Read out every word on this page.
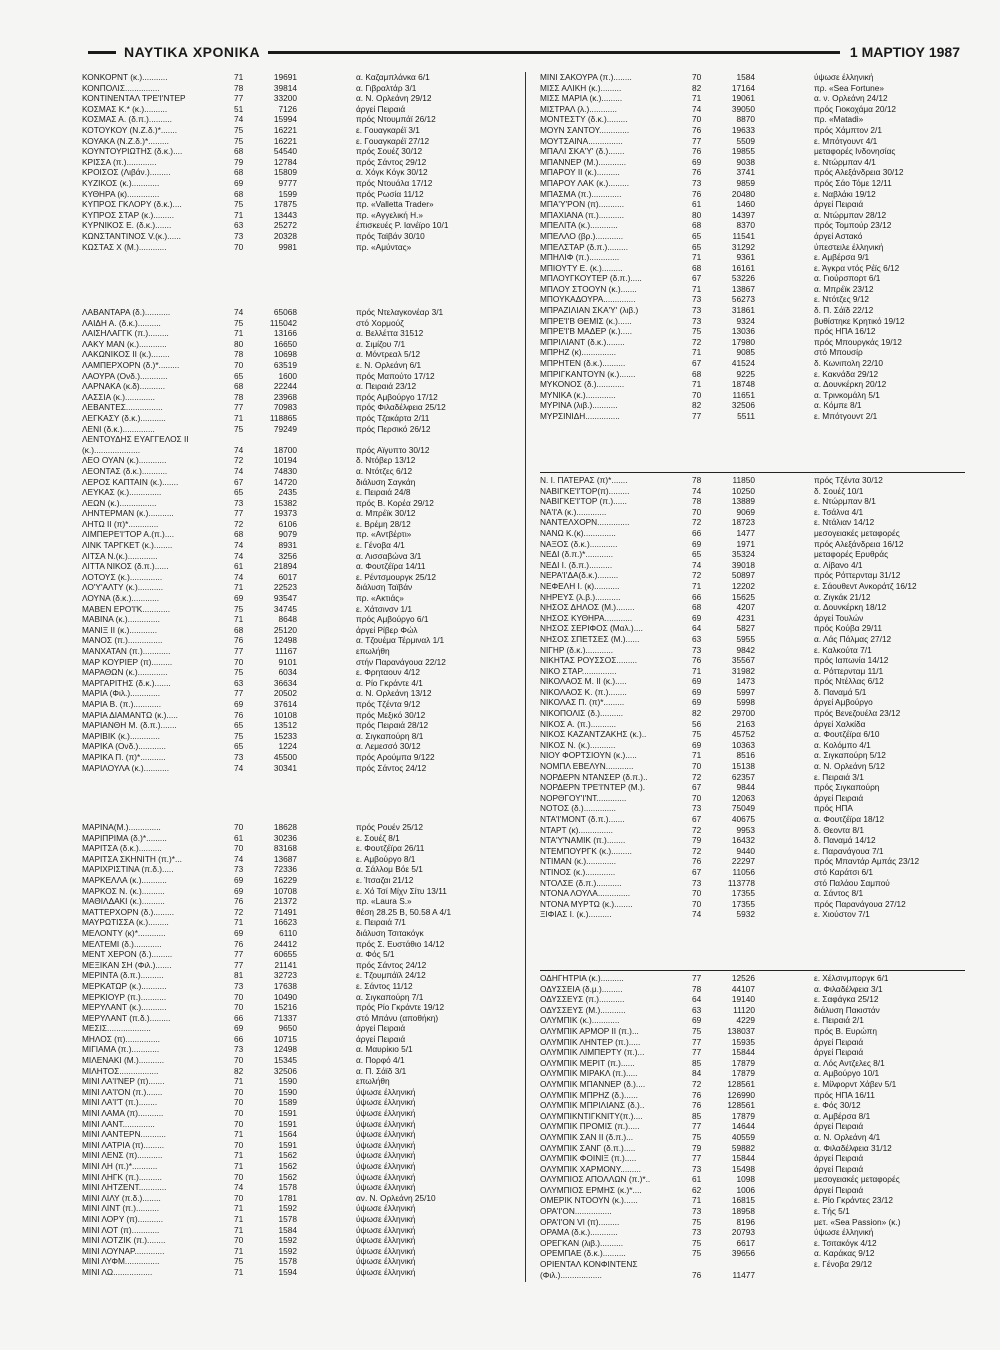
ΝΑΥΤΙΚΑ ΧΡΟΝΙΚΑ	1 ΜΑΡΤΙΟΥ 1987
ΚΟΝΚΟΡΝΤ (κ.)...........	71	19691	α. Καζαμπλάνκα 6/1
ΚΟΝΠΟΛΙΣ...............	78	39814	α. Γιβραλτάρ 3/1
ΚΟΝΤΙΝΕΝΤΑΛ ΤΡΕ'Ι'ΝΤΕΡ	77	33200	α. Ν. Ορλεάνη 29/12
ΚΟΣΜΑΣ Κ.* (κ.)..........	51	7126	άργεί Πειραιά
ΚΟΣΜΑΣ Α. (δ.π.)..........	74	15994	πρός Ντουμπάϊ 26/12
ΚΟΤΟΥΚΟΥ (Ν.Ζ.δ.)*.......	75	16221	ε. Γουαγκαρέϊ 3/1
ΚΟΥΑΚΑ (Ν.Ζ.δ.)*.........	75	16221	ε. Γουαγκαρέϊ 27/12
ΚΟΥΝΤΟΥΡΙΩΤΗΣ (δ.κ.)....	68	54540	πρός Σουέζ 30/12
ΚΡΙΣΣΑ (π.).............	79	12784	πρός Σάντος 29/12
ΚΡΟΙΣΟΣ (Λιβάν.).........	68	15809	α. Χόγκ Κόγκ 30/12
ΚΥΖΙΚΟΣ (κ.)............	69	9777	πρός Ντουάλα 17/12
ΚΥΘΗΡΑ (κ)..............	68	1599	πρός Ρωσία 11/12
ΚΥΠΡΟΣ ΓΚΛΟΡΥ (δ.κ.)....	75	17875	πρ. «Valletta Trader»
ΚΥΠΡΟΣ ΣΤΑΡ (κ.).........	71	13443	πρ. «Αγγελική Η.»
ΚΥΡΝΙΚΟΣ Ε. (δ.κ.).......	63	25272	έπισκευές Ρ. Ιανέϊρο 10/1
ΚΩΝΣΤΑΝΤΙΝΟΣ V.(κ.)......	73	20328	πρός Ταϊβάν 30/10
ΚΩΣΤΑΣ Χ (Μ.)............	70	9981	πρ. «Αμύντας»
ΛΑΒΑΝΤΑΡΑ (δ.)...........	74	65068	πρός Ντελαγκονέαρ 3/1
ΛΑΙΔΗ Α. (δ.κ.)..........	75	115042	στό Χορμούζ
ΛΑΙΣΗΛΑΓΓΚ (π.).........	71	13166	α. Βελλέττα 31512
ΛΑΚΥ ΜΑΝ (κ.)............	80	16650	α. Σιμίζου 7/1
ΛΑΚΩΝΙΚΟΣ ΙΙ (κ.)........	78	10698	α. Μόντρεαλ 5/12
ΛΑΜΠΕΡΧΟΡΝ (δ.)*.........	70	63519	ε. Ν. Ορλεάνη 6/1
ΛΑΟΥΡΑ (Ονδ.)............	65	1600	πρός Μαπούτο 17/12
ΛΑΡΝΑΚΑ (κ.δ)...........	68	22244	α. Πειραιά 23/12
ΛΑΣΣΙΑ (κ.).............	78	23968	πρός Αμβούργο 17/12
ΛΕΒΑΝΤΕΣ................	77	70983	πρός Φιλαδέλφεια 25/12
ΛΕΓΚΑΣΥ (δ.κ.)...........	71	118865	πρός Τζακάρτα 2/11
ΛΕΝΙ (δ.κ.)..............	75	79249	πρός Περσικό 26/12
ΛΕΝΤΟΥΔΗΣ ΕΥΑΓΓΕΛΟΣ ΙΙ
(κ.)....................	74	18700	πρός Αϊγυπτο 30/12
ΛΕΟ ΟΥΑΝ (κ.)............	72	10194	δ. Ντόβερ 13/12
ΛΕΟΝΤΑΣ (δ.κ.)...........	74	74830	α. Ντότζες 6/12
ΛΕΡΟΣ ΚΑΠΤΑΙΝ (κ.).......	67	14720	διάλυση Σαγκάη
ΛΕΥΚΑΣ (κ.)..............	65	2435	ε. Πειραιά 24/8
ΛΕΩΝ (κ.)................	73	15382	πρός Β. Κορέα 29/12
ΛΗΝΤΕΡΜΑΝ (κ.)...........	77	19373	α. Μπρέϊκ 30/12
ΛΗΤΩ ΙΙ (π)*.............	72	6106	ε. Βρέμη 28/12
ΛΙΜΠΕΡΕ'Ι'ΤΟΡ Α.(π.)....	68	9079	πρ. «Αντβέρτι»
ΛΙΝΚ ΤΑΡΓΚΕΤ (κ.)........	74	8931	ε. Γένοβα 4/1
ΛΙΤΣΑ Ν.(κ.).............	74	3256	α. Λισσαβώνα 3/1
ΛΙΤΤΑ ΝΙΚΟΣ (δ.π.)......	61	21894	α. Φουτζέϊρα 14/11
ΛΟΤΟΥΣ (κ.)..............	74	6017	ε. Ρέντσμουργκ 25/12
ΛΟ'Υ'ΑΛΤΥ (κ.)...........	71	22523	διάλυση Ταϊβάν
ΛΟΥΝΑ (δ.κ.)............	69	93547	πρ. «Ακτιάς»
ΜΑΒΕΝ ΕΡΟ'Ι'Κ............	75	34745	ε. Χάτσινσν 1/1
ΜΑΒΙΝΑ (κ.)..............	71	8648	πρός Αμβούργο 6/1
ΜΑΝΙΞ ΙΙ (κ.)............	68	25120	άργεί Ρίβερ Φώλ
ΜΑΝΟΣ (π.)...............	76	12498	α. Τζουέμα Τέρμιναλ 1/1
ΜΑΝΧΑΤΑΝ (π.)............	77	11167	επωλήθη
ΜΑΡ ΚΟΥΡΙΕΡ (π).........	70	9101	στήν Παρανάγουα 22/12
ΜΑΡΑΘΩΝ (κ.).............	75	6034	ε. Φρηταουν 4/12
ΜΑΡΓΑΡΙΤΗΣ (δ.κ.).......	63	36634	α. Ρίο Γκράντε 4/1
ΜΑΡΙΑ (Φιλ.).............	77	20502	α. Ν. Ορλεάνη 13/12
ΜΑΡΙΑ Β. (π.)............	69	37614	πρός Τζέντα 9/12
ΜΑΡΙΑ ΔΙΑΜΑΝΤΩ (κ.).....	76	10108	πρός Μεξικό 30/12
ΜΑΡΙΑΝΘΗ Μ. (δ.π.).......	65	13512	πρός Πειραιά 28/12
ΜΑΡΙΒΙΚ (κ.).............	75	15233	α. Σιγκαπούρη 8/1
ΜΑΡΙΚΑ (Ονδ.)............	65	1224	α. Λεμεσσό 30/12
ΜΑΡΙΚΑ Π. (π)*...........	73	45500	πρός Αρούμπα 9/122
ΜΑΡΙΛΟΥΛΑ (κ.)...........	74	30341	πρός Σάντος 24/12
ΜΑΡΙΝΑ(Μ.)..............	70	18628	πρός Ρουέν 25/12
ΜΑΡΙΠΡΙΜΑ (δ.)*.........	61	30236	ε. Σουέζ 8/1
ΜΑΡΙΤΣΑ (δ.κ.)..........	70	83168	ε. Φουτζέϊρα 26/11
ΜΑΡΙΤΣΑ ΣΚΗΝΙΤΗ (π.)*...	74	13687	ε. Αμβούργο 8/1
ΜΑΡΙΧΡΙΣΤΙΝΑ (π.δ.).....	73	72336	α. Σάλλομ Βόε 5/1
ΜΑΡΚΕΛΛΑ (κ.)...........	69	16229	ε. Ίτσαζαι 21/12
ΜΑΡΚΟΣ Ν. (κ.)..........	69	10708	ε. Χό Τσί Μίχν Σίτυ 13/11
ΜΑΘΙΛΔΑΚΙ (κ.)..........	76	21372	πρ. «Laura S.»
ΜΑΤΤΕΡΧΟΡΝ (δ.).........	72	71491	θέση 28.25 Β, 50.58 Α 4/1
ΜΑΥΡΩΤΙΣΣΑ (κ.).........	71	16623	ε. Πειραιά 7/1
ΜΕΛΟΝΤΥ (κ)*............	69	6110	διάλυση Τσιτακόγκ
ΜΕΛΤΕΜΙ (δ.)............	76	24412	πρός Σ. Ευστάθιο 14/12
ΜΕΝΤ ΧΕΡΟΝ (δ.).........	77	60655	α. Φός 5/1
ΜΕΞΙΚΑΝ ΣΗ (Φιλ.).......	77	21141	πρός Σάντος 24/12
ΜΕΡΙΝΤΑ (δ.π.)..........	81	32723	ε. Τζουμπάϊλ 24/12
ΜΕΡΚΑΤΩΡ (κ.)...........	73	17638	ε. Σάντος 11/12
ΜΕΡΚΙΟΥΡ (π.)...........	70	10490	α. Σιγκαπούρη 7/1
ΜΕΡΥΛΑΝΤ (κ.)...........	70	15216	πρός Ρίο Γκράντε 19/12
ΜΕΡΥΛΑΝΤ (π.δ.).........	66	71337	στό Μπάνυ (αποθήκη)
ΜΕΣΙΣ...................	69	9650	άργεί Πειραιά
ΜΗΛΟΣ (π)...............	66	10715	άργεί Πειραιά
ΜΙΓΙΑΜΑ (π.)............	73	12498	α. Μαυρίκιο 5/1
ΜΙΛΕΝΑΚΙ (Μ.)...........	70	15345	α. Πορφό 4/1
ΜΙΛΗΤΟΣ.................	82	32506	α. Π. Σάϊδ 3/1
ΜΙΝΙ ΛΑ'Ι'ΝΕΡ (π).......	71	1590	επωλήθη
ΜΙΝΙ ΛΑ'Ι'ΟΝ (π.).......	70	1590	ύψωσε έλληνική
ΜΙΝΙ ΛΑ'Ι'Τ (π.)........	70	1589	ύψωσε έλληνική
ΜΙΝΙ ΛΑΜΑ (π)...........	70	1591	ύψωσε έλληνική
ΜΙΝΙ ΛΑΝΤ..............	70	1591	ύψωσε έλληνική
ΜΙΝΙ ΛΑΝΤΕΡΝ...........	71	1564	ύψωσε έλληνική
ΜΙΝΙ ΛΑΤΡΙΑ (π).........	70	1591	ύψωσε έλληνική
ΜΙΝΙ ΛΕΝΣ (π)...........	71	1562	ύψωσε έλληνική
ΜΙΝΙ ΛΗ (π.)*...........	71	1562	ύψωσε έλληνική
ΜΙΝΙ ΛΗΓΚ (π.)..........	70	1562	ύψωσε έλληνική
ΜΙΝΙ ΛΗΤΖΕΝΤ............	74	1578	ύψωσε έλληνική
ΜΙΝΙ ΛΙΛΥ (π.δ.)........	70	1781	αν. Ν. Ορλεάνη 25/10
ΜΙΝΙ ΛΙΝΤ (π.)..........	71	1592	ύψωσε έλληνική
ΜΙΝΙ ΛΟΡΥ (π)...........	71	1578	ύψωσε έλληνική
ΜΙΝΙ ΛΟΤ (π)............	71	1584	ύψωσε έλληνική
ΜΙΝΙ ΛΟΤΖΙΚ (π.)........	70	1592	ύψωσε έλληνική
ΜΙΝΙ ΛΟΥΝΑΡ.............	71	1592	ύψωσε έλληνική
ΜΙΝΙ ΛΥΦΜ...............	75	1578	ύψωσε έλληνική
ΜΙΝΙ ΛΩ.................	71	1594	ύψωσε έλληνική
ΜΙΝΙ ΣΑΚΟΥΡΑ (π.)........	70	1584	ύψωσε έλληνική
ΜΙΣΣ ΑΛΙΚΗ (κ.).........	82	17164	πρ. «Sea Fortune»
ΜΙΣΣ ΜΑΡΙΑ (κ.).........	71	19061	α. ν. Ορλεάνη 24/12
ΜΙΣΤΡΑΛ (λ.)............	74	39050	πρός Γιοκοχάμα 20/12
ΜΟΝΤΕΣΤΥ (δ.κ.).........	70	8870	πρ. «Matadi»
ΜΟΥΝ ΣΑΝΤΟΥ.............	76	19633	πρός Χάμπτον 2/1
ΜΟΥΤΣΑΙΝΑ...............	77	5509	ε. Μπότγουντ 4/1
ΜΠΑΛΙ ΣΚΑ'Υ' (δ.).......	76	19855	μεταφορές Ινδονησίας
ΜΠΑΝΝΕΡ (Μ.)............	69	9038	ε. Ντώρμπαν 4/1
ΜΠΑΡΟΥ ΙΙ (κ.)..........	76	3741	πρός Αλεξάνδρεια 30/12
ΜΠΑΡΟΥ ΛΑΚ (κ.).........	73	9859	πρός Σάο Τόμε 12/11
ΜΠΑΣΜΑ (π.).............	76	20480	ε. Ναβλάκι 19/12
ΜΠΑ'Υ'ΡΟΝ (π)...........	61	1460	άργεί Πειραιά
ΜΠΑΧΙΑΝΑ (π.)...........	80	14397	α. Ντώρμπαν 28/12
ΜΠΕΛΙΤΑ (κ.)............	68	8370	πρός Τομπούρ 23/12
ΜΠΕΛΛΟ (βρ.)............	65	11541	άργεί Αστακό
ΜΠΕΛΣΤΑΡ (δ.π.).........	65	31292	ύπεστειλε έλληνική
ΜΠΗΛΙΦ (π.).............	71	9361	ε. Αμβέρσα 9/1
ΜΠΙΟΥΤΥ Ε. (κ.).........	68	16161	ε. Άγκρα ντός Ρέϊς 6/12
ΜΠΛΟΥΓΚΟΥΤΕΡ (δ.π.).....	67	53226	α. Γιούρσπορτ 6/1
ΜΠΛΟΥ ΣΤΟΟΥΝ (κ.).......	71	13867	α. Μπρέϊκ 23/12
ΜΠΟΥΚΑΔΟΥΡΑ..............	73	56273	ε. Ντότζες 9/12
ΜΠΡΑΖΙΛΙΑΝ ΣΚΑ'Υ' (λιβ.)	73	31861	δ. Π. Σάϊδ 22/12
ΜΠΡΕ'Ι'Β ΘΕΜΙΣ (κ.)......	73	9324	βυθίστηκε Κρητικό 19/12
ΜΠΡΕ'Ι'Β ΜΑΔΕΡ (κ.).....	75	13036	πρός ΗΠΑ 16/12
ΜΠΡΙΛΙΑΝΤ (δ.κ.)........	72	17980	πρός Μπουργκάς 19/12
ΜΠΡΗΖ (κ)...............	71	9085	στό Μπουσίρ
ΜΠΡΗΤΕΝ (δ.κ.)..........	67	41524	δ. Κωνιπολη 22/10
ΜΠΡΙΓΚΑΝΤΟΥΝ (κ.).......	68	9225	ε. Κακνάδα 29/12
ΜΥΚΟΝΟΣ (δ.)............	71	18748	α. Δουνκέρκη 20/12
ΜΥΝΙΚΑ (κ.).............	70	11651	α. Τρινκομάλη 5/1
ΜΥΡΙΝΑ (λιβ.)...........	82	32506	α. Κόμπε 8/1
ΜΥΡΣΙΝΙΔΗ...............	77	5511	ε. Μπότγουντ 2/1
Ν. Ι. ΠΑΤΕΡΑΣ (π)*.......	78	11850	πρός Τζέντα 30/12
ΝΑΒΙΓΚΕ'Ι'ΤΟΡ(π).........	74	10250	δ. Σουέζ 10/1
ΝΑΒΙΓΚΕ'Ι'ΤΟΡ (π.)......	78	13889	ε. Ντώρμπαν 8/1
ΝΑ'Ι'Α (κ.).............	70	9069	ε. Τσάλνα 4/1
ΝΑΝΤΕΛΧΟΡΝ..............	72	18723	ε. Ντάλιαν 14/12
ΝΑΝΩ Κ.(κ)..............	66	1477	μεσογειακές μεταφορές
ΝΑΞΟΣ (δ.κ.)............	69	1971	πρός Αλεξάνδρεια 16/12
ΝΕΔΙ (δ.π.)*............	65	35324	μεταφορές Ερυθράς
ΝΕΔΙ Ι. (δ.π.)..........	74	39018	α. Λίβανο 4/1
ΝΕΡΑ'Ι'ΔΑ(δ.κ.).........	72	50897	πρός Ρόττερνταμ 31/12
ΝΕΦΕΛΗ Ι. (κ)...........	71	12202	ε. Σάουθεντ Ανκοράτζ 16/12
ΝΗΡΕΥΣ (λ.β.)...........	66	15625	α. Ζιγκάκ 21/12
ΝΗΣΟΣ ΔΗΛΟΣ (Μ.)........	68	4207	α. Δουνκέρκη 18/12
ΝΗΣΟΣ ΚΥΘΗΡΑ............	69	4231	άργεί Τουλών
ΝΗΣΟΣ ΣΕΡΙΦΟΣ (Μαλ.)....	64	5827	πρός Κούβα 29/11
ΝΗΣΟΣ ΣΠΕΤΣΕΣ (Μ.)......	63	5955	α. Λάς Πάλμας 27/12
ΝΙΓΗΡ (δ.κ.)............	73	9842	ε. Καλκούτα 7/1
ΝΙΚΗΤΑΣ ΡΟΥΣΣΟΣ.........	76	35567	πρός Ιαπωνία 14/12
ΝΙΚΟ ΣΤΑΡ...............	71	31982	α. Ρόττερνταμ 11/1
ΝΙΚΟΛΑΟΣ Μ. ΙΙ (κ.).....	69	1473	πρός Ντέλλας 6/12
ΝΙΚΟΛΑΟΣ Κ. (π.)........	69	5997	δ. Παναμά 5/1
ΝΙΚΟΛΑΣ Π. (π)*.........	69	5998	άργεί Αμβούργο
ΝΙΚΟΠΟΛΙΣ (δ.)..........	82	29700	πρός Βενεζουέλα 23/12
ΝΙΚΟΣ Α. (π.)...........	56	2163	άργεί Χαλκίδα
ΝΙΚΟΣ ΚΑΖΑΝΤΖΑΚΗΣ (κ.)..	75	45752	α. Φουτζέϊρα 6/10
ΝΙΚΟΣ Ν. (κ.)...........	69	10363	α. Κολόμπο 4/1
ΝΙΟΥ ΦΟΡΤΣΙΟΥΝ (κ.).....	71	8516	α. Σιγκαπούρη 5/12
ΝΟΜΠΛ ΕΒΕΛΥΝ............	70	15138	α. Ν. Ορλεάνη 5/12
ΝΟΡΔΕΡΝ ΝΤΑΝΣΕΡ (δ.π.)..	72	62357	ε. Πειραιά 3/1
ΝΟΡΔΕΡΝ ΤΡΕ'Ι'ΝΤΕΡ (Μ.).	67	9844	πρός Σιγκαπούρη
ΝΟΡΘΓΟΥ'Ι'ΝΤ.............	70	12063	άργεί Πειραιά
ΝΟΤΟΣ (δ.)..............	73	75049	πρός ΗΠΑ
ΝΤΑ'Ι'ΜΟΝΤ (δ.π.).......	67	40675	α. Φουτζέϊρα 18/12
ΝΤΑΡΤ (κ)...............	72	9953	δ. Θεοντα 8/1
ΝΤΑ'Υ'ΝΑΜΙΚ (π.)........	79	16432	δ. Παναμά 14/12
ΝΤΕΜΠΟΥΡΓΚ (κ.).........	72	9440	ε. Παρανάγουα 7/1
ΝΤΙΜΑΝ (κ.).............	76	22297	πρός Μπαντάρ Αμπάς 23/12
ΝΤΙΝΟΣ (κ.).............	67	11056	στό Καράτσι 6/1
ΝΤΟΛΣΕ (δ.π.)...........	73	113778	στό Παλάου Σαμπού
ΝΤΟΝΑ ΛΟΥΛΑ..............	70	17355	α. Σάντος 8/1
ΝΤΟΝΑ ΜΥΡΤΩ (κ.)........	70	17355	πρός Παρανάγουα 27/12
ΞΙΦΙΑΣ Ι. (κ.)..........	74	5932	ε. Χιούστον 7/1
ΟΔΗΓΗΤΡΙΑ (κ.)..........	77	12526	ε. Χέλσινμποργκ 6/1
ΟΔΥΣΣΕΙΑ (δ.μ.).........	78	44107	α. Φιλαδέλφεια 3/1
ΟΔΥΣΣΕΥΣ (π.)...........	64	19140	ε. Σαφάγκα 25/12
ΟΔΥΣΣΕΥΣ (Μ.)...........	63	11120	διάλυση Πακιστάν
ΟΛΥΜΠΙΚ (κ.)............	69	4229	ε. Πειραιά 2/1
ΟΛΥΜΠΙΚ ΑΡΜΟΡ ΙΙ (π.)...	75	138037	πρός Β. Ευρώπη
ΟΛΥΜΠΙΚ ΛΗΝΤΕΡ (π.).....	77	15935	άργεί Πειραιά
ΟΛΥΜΠΙΚ ΛΙΜΠΕΡΤΥ (π.)...	77	15844	άργεί Πειραιά
ΟΛΥΜΠΙΚ ΜΕΡΙΤ (π.)......	85	17879	α. Λός Αντζελες 8/1
ΟΛΥΜΠΙΚ ΜΙΡΑΚΛ (π.).....	84	17879	α. Αμβούργο 10/1
ΟΛΥΜΠΙΚ ΜΠΑΝΝΕΡ (δ.)....	72	128561	ε. Μίλφορντ Χάβεν 5/1
ΟΛΥΜΠΙΚ ΜΠΡΗΖ (δ.)......	76	126990	πρός ΗΠΑ 16/11
ΟΛΥΜΠΙΚ ΜΠΡΙΛΙΑΝΣ (δ.)..	76	128561	ε. Φός 30/12
ΟΛΥΜΠΙΚΝΤΙΓΚΝΙΤΥ(π.)....	85	17879	α. Αμβέρσα 8/1
ΟΛΥΜΠΙΚ ΠΡΟΜΙΣ (π.).....	77	14644	άργεί Πειραιά
ΟΛΥΜΠΙΚ ΣΑΝ ΙΙ (δ.π.)...	75	40559	α. Ν. Ορλεάνη 4/1
ΟΛΥΜΠΙΚ ΣΑΝΓ (δ.π.).....	79	59882	α. Φιλαδέλφεια 31/12
ΟΛΥΜΠΙΚ ΦΟΙΝΙΞ (π.).....	77	15844	άργεί Πειραιά
ΟΛΥΜΠΙΚ ΧΑΡΜΟΝΥ.........	73	15498	άργεί Πειραιά
ΟΛΥΜΠΙΟΣ ΑΠΟΛΛΩΝ (π.)*..	61	1098	μεσογειακές μεταφορές
ΟΛΥΜΠΙΟΣ ΕΡΜΗΣ (κ.)*....	62	1006	άργεί Πειραιά
ΟΜΕΡΙΚ ΝΤΟΟΥΝ (κ.)......	71	16815	ε. Ρίο Γκράντες 23/12
ΟΡΑ'Ι'ΟΝ................	73	18958	ε. Τής 5/1
ΟΡΑ'Ι'ΟΝ VI (π).........	75	8196	μετ. «Sea Passion» (κ.)
ΟΡΑΜΑ (δ.κ.)............	73	20793	ύψωσε έλληνική
ΟΡΕΓΚΑΝ (λιβ.)..........	75	6617	ε. Τσιτακόγκ 4/12
ΟΡΕΜΠΑΕ (δ.κ.)..........	75	39656	α. Καράκας 9/12
ΟΡΙΕΝΤΑΛ ΚΟΝΦΙΝΤΕΝΣ	ε. Γένοβα 29/12
(Φιλ.)..................	76	11477
